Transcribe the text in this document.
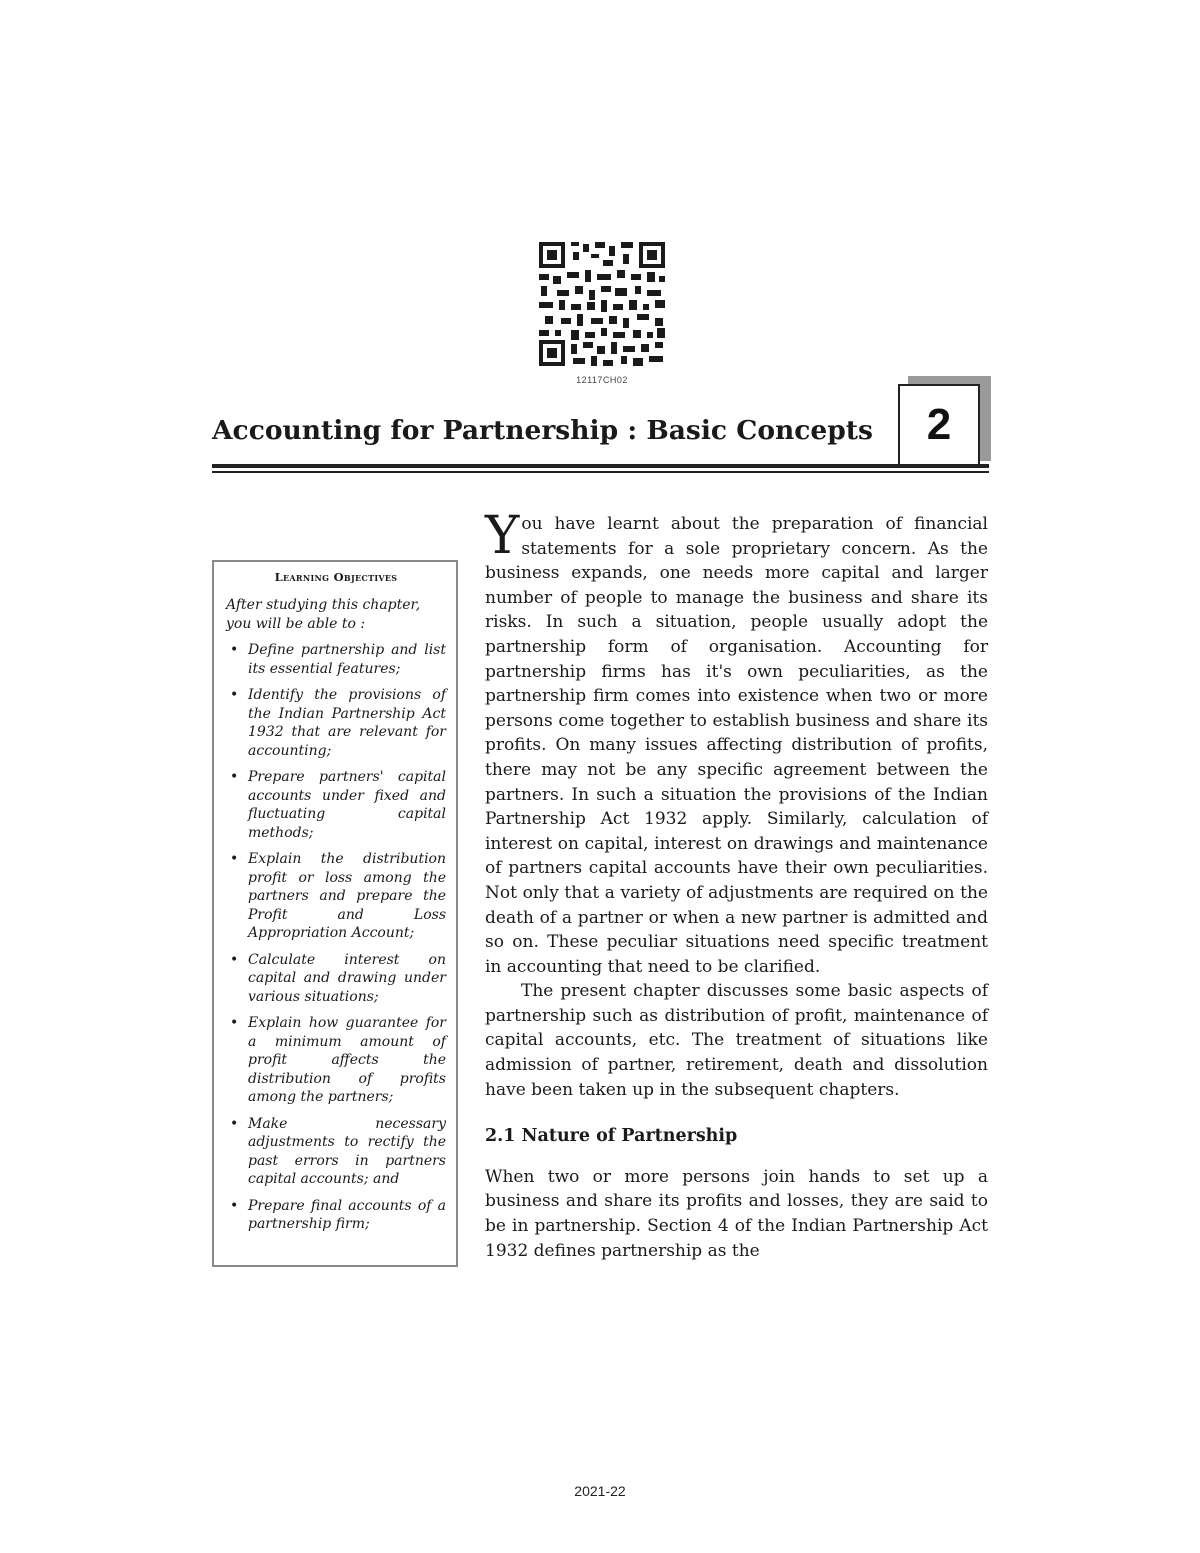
12117CH02
Accounting for Partnership : Basic Concepts	2
Learning Objectives
After studying this chapter, you will be able to :
• Define partnership and list its essential features;
• Identify the provisions of the Indian Partnership Act 1932 that are relevant for accounting;
• Prepare partners' capital accounts under fixed and fluctuating capital methods;
• Explain the distribution profit or loss among the partners and prepare the Profit and Loss Appropriation Account;
• Calculate interest on capital and drawing under various situations;
• Explain how guarantee for a minimum amount of profit affects the distribution of profits among the partners;
• Make necessary adjustments to rectify the past errors in partners capital accounts; and
• Prepare final accounts of a partnership firm;

You have learnt about the preparation of financial statements for a sole proprietary concern. As the business expands, one needs more capital and larger number of people to manage the business and share its risks. In such a situation, people usually adopt the partnership form of organisation. Accounting for partnership firms has it's own peculiarities, as the partnership firm comes into existence when two or more persons come together to establish business and share its profits. On many issues affecting distribution of profits, there may not be any specific agreement between the partners. In such a situation the provisions of the Indian Partnership Act 1932 apply. Similarly, calculation of interest on capital, interest on drawings and maintenance of partners capital accounts have their own peculiarities. Not only that a variety of adjustments are required on the death of a partner or when a new partner is admitted and so on. These peculiar situations need specific treatment in accounting that need to be clarified.

The present chapter discusses some basic aspects of partnership such as distribution of profit, maintenance of capital accounts, etc. The treatment of situations like admission of partner, retirement, death and dissolution have been taken up in the subsequent chapters.

2.1 Nature of Partnership

When two or more persons join hands to set up a business and share its profits and losses, they are said to be in partnership. Section 4 of the Indian Partnership Act 1932 defines partnership as the

2021-22
